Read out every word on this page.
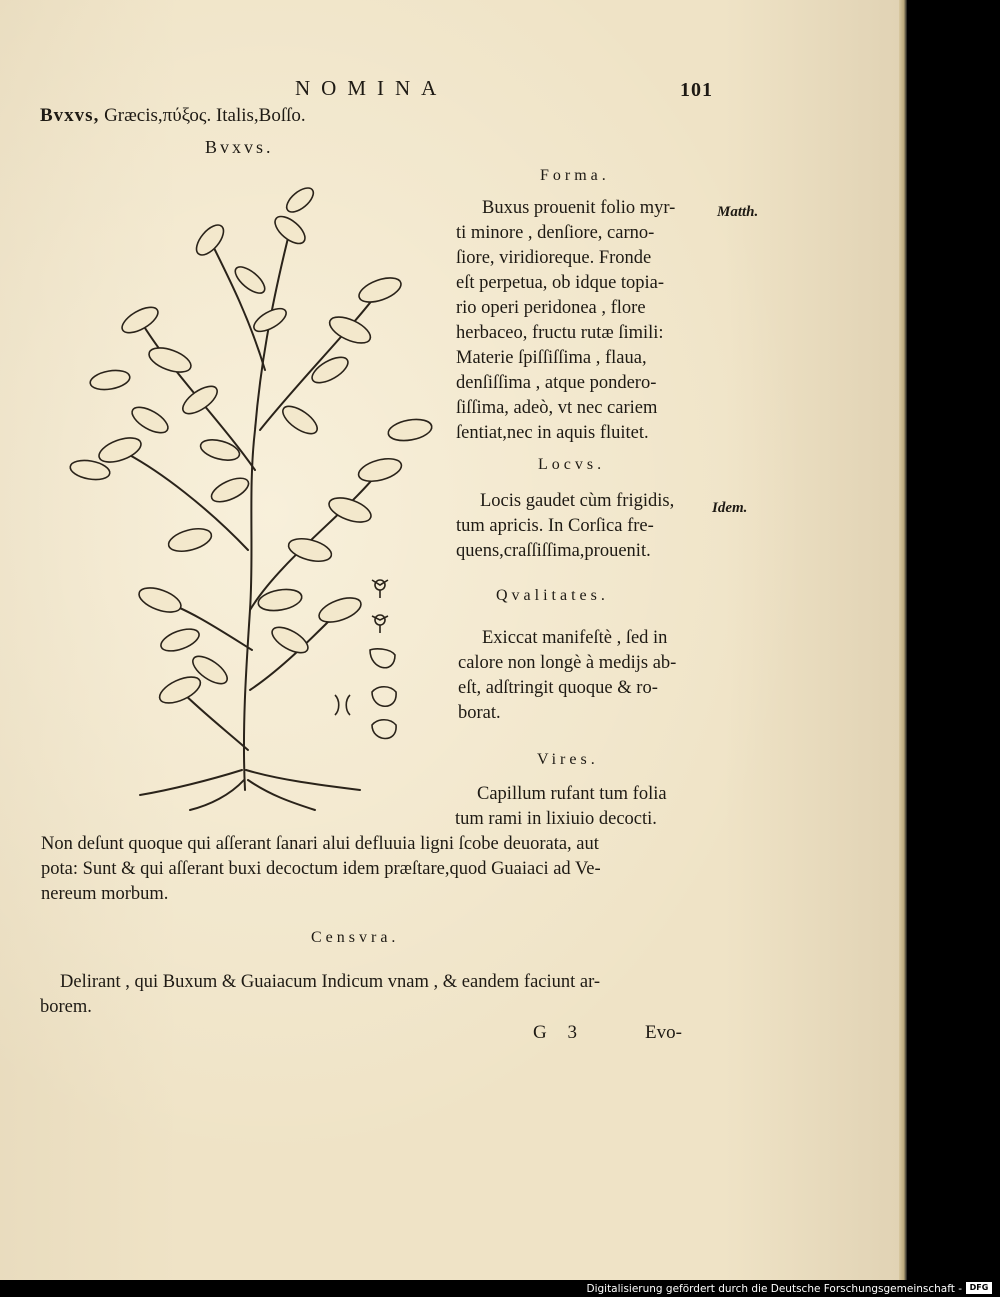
NOMINA	101
Bvxvs, Græcis,πύξος. Italis,Boſſo.
Bvxvs.
Forma.
Buxus prouenit folio myr-
ti minore , denſiore, carno-
ſiore, viridioreque. Fronde
eſt perpetua, ob idque topia-
rio operi peridonea , flore
herbaceo, fructu rutæ ſimili:
Materie ſpiſſiſſima , flaua,
denſiſſima , atque pondero-
ſiſſima, adeò, vt nec cariem
ſentiat,nec in aquis fluitet.
Matth.
Locvs.
Locis gaudet cùm frigidis,
tum apricis. In Corſica fre-
quens,craſſiſſima,prouenit.
Idem.
Qvalitates.
Exiccat manifeſtè , ſed in
calore non longè à medijs ab-
eſt, adſtringit quoque & ro-
borat.
Vires.
Capillum rufant tum folia
tum rami in lixiuio decocti.
Non deſunt quoque qui aſſerant ſanari alui defluuia ligni ſcobe deuorata, aut
pota: Sunt & qui aſſerant buxi decoctum idem præſtare,quod Guaiaci ad Ve-
nereum morbum.
Censvra.
Delirant , qui Buxum & Guaiacum Indicum vnam , & eandem faciunt ar-
borem.
G 3	Evo-
Digitalisierung gefördert durch die Deutsche Forschungsgemeinschaft - DFG
